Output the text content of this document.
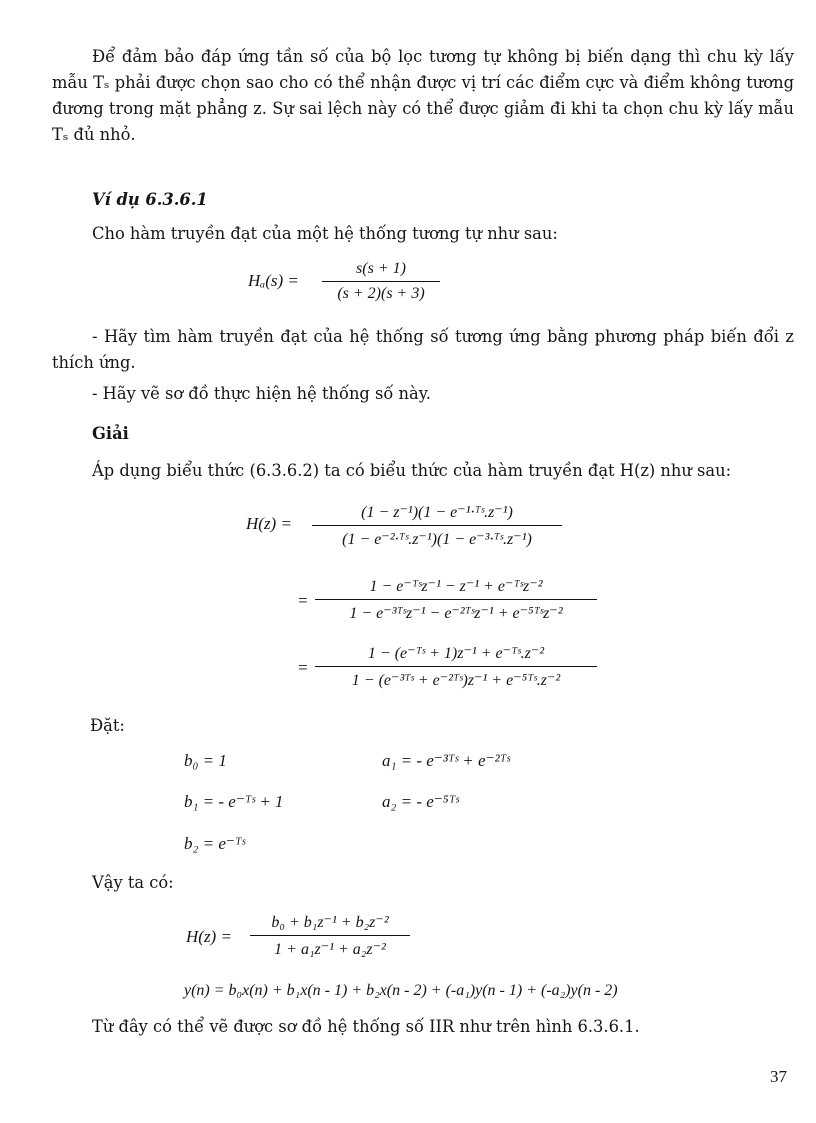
Để đảm bảo đáp ứng tần số của bộ lọc tương tự không bị biến dạng thì chu kỳ lấy mẫu Tₛ phải được chọn sao cho có thể nhận được vị trí các điểm cực và điểm không tương đương trong mặt phẳng z. Sự sai lệch này có thể được giảm đi khi ta chọn chu kỳ lấy mẫu Tₛ đủ nhỏ.
Ví dụ 6.3.6.1
Cho hàm truyền đạt của một hệ thống tương tự như sau:
$H_a(s) = \frac{s(s + 1)}{(s + 2)(s + 3)}$
- Hãy tìm hàm truyền đạt của hệ thống số tương ứng bằng phương pháp biến đổi z thích ứng.
- Hãy vẽ sơ đồ thực hiện hệ thống số này.
Giải
Áp dụng biểu thức (6.3.6.2) ta có biểu thức của hàm truyền đạt H(z) như sau:
$H(z) = \frac{\text{(1 − z⁻¹)(1 − e⁻¹·ᵀˢ.z⁻¹)}}{\text{(1 − e⁻²·ᵀˢ.z⁻¹)(1 − e⁻³·ᵀˢ.z⁻¹)}}$
=
1 − e⁻ᵀˢz⁻¹ − z⁻¹ + e⁻ᵀˢz⁻²
1 − e⁻³ᵀˢz⁻¹ − e⁻²ᵀˢz⁻¹ + e⁻⁵ᵀˢz⁻²
= $\frac{\text{1 − (e⁻ᵀˢ + 1)z⁻¹ + e⁻ᵀˢ.z⁻²}}{\text{1 − (e⁻³ᵀˢ + e⁻²ᵀˢ)z⁻¹ + e⁻⁵ᵀˢ.z⁻²}}$
Đặt:
b₀ = 1	a₁ = - e⁻³ᵀˢ + e⁻²ᵀˢ
b₁ = - e⁻ᵀˢ + 1	a₂ = - e⁻⁵ᵀˢ
b₂ = e⁻ᵀˢ
Vậy ta có:
$H(z) = \frac{\text{b₀ + b₁z⁻¹ + b₂z⁻²}}{\text{1 + a₁z⁻¹ + a₂z⁻²}}$
y(n) = b₀x(n) + b₁x(n - 1) + b₂x(n - 2) + (-a₁)y(n - 1) + (-a₂)y(n - 2)
Từ đây có thể vẽ được sơ đồ hệ thống số IIR như trên hình 6.3.6.1.
37
